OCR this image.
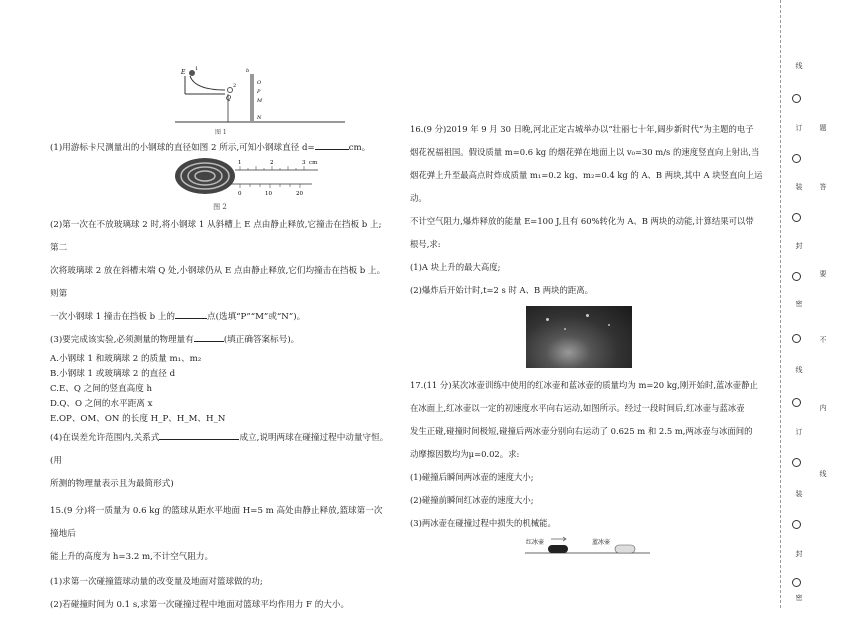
E 1
Q
2	O
P
M
N
b
图 1

(1)用游标卡尺测量出的小钢球的直径如图 2 所示,可知小钢球直径 d=	cm。

1	2	3 cm
0	10	20
图 2

(2)第一次在不放玻璃球 2 时,将小钢球 1 从斜槽上 E 点由静止释放,它撞击在挡板 b 上;第二

次将玻璃球 2 放在斜槽末端 Q 处,小钢球仍从 E 点由静止释放,它们均撞击在挡板 b 上。则第

一次小钢球 1 撞击在挡板 b 上的	点(选填“P”“M”或“N”)。

(3)要完成该实验,必须测量的物理量有	(填正确答案标号)。

A.小钢球 1 和玻璃球 2 的质量 m₁、m₂

B.小钢球 1 或玻璃球 2 的直径 d

C.E、Q 之间的竖直高度 h

D.Q、O 之间的水平距离 x

E.OP、OM、ON 的长度 H_P、H_M、H_N

(4)在误差允许范围内,关系式	成立,说明两球在碰撞过程中动量守恒。(用

所测的物理量表示且为最简形式)

15.(9 分)将一质量为 0.6 kg 的篮球从距水平地面 H=5 m 高处由静止释放,篮球第一次撞地后

能上升的高度为 h=3.2 m,不计空气阻力。

(1)求第一次碰撞篮球动量的改变量及地面对篮球做的功;

(2)若碰撞时间为 0.1 s,求第一次碰撞过程中地面对篮球平均作用力 F 的大小。

16.(9 分)2019 年 9 月 30 日晚,河北正定古城举办以“壮丽七十年,阔步新时代”为主题的电子

烟花祝福祖国。假设质量 m=0.6 kg 的烟花弹在地面上以 v₀=30 m/s 的速度竖直向上射出,当

烟花弹上升至最高点时炸成质量 m₁=0.2 kg、m₂=0.4 kg 的 A、B 两块,其中 A 块竖直向上运动。

不计空气阻力,爆炸释放的能量 E=100 J,且有 60%转化为 A、B 两块的动能,计算结果可以带

根号,求:

(1)A 块上升的最大高度;

(2)爆炸后开始计时,t=2 s 时 A、B 两块的距离。

17.(11 分)某次冰壶训练中使用的红冰壶和蓝冰壶的质量均为 m=20 kg,刚开始时,蓝冰壶静止

在冰面上,红冰壶以一定的初速度水平向右运动,如图所示。经过一段时间后,红冰壶与蓝冰壶

发生正碰,碰撞时间极短,碰撞后两冰壶分别向右运动了 0.625 m 和 2.5 m,两冰壶与冰面间的

动摩擦因数均为μ=0.02。求:

(1)碰撞后瞬间两冰壶的速度大小;

(2)碰撞前瞬间红冰壶的速度大小;

(3)两冰壶在碰撞过程中损失的机械能。

红冰壶	蓝冰壶
线
订
装
封
密
线
订
装
封
密
题
答
要
不
内
线
